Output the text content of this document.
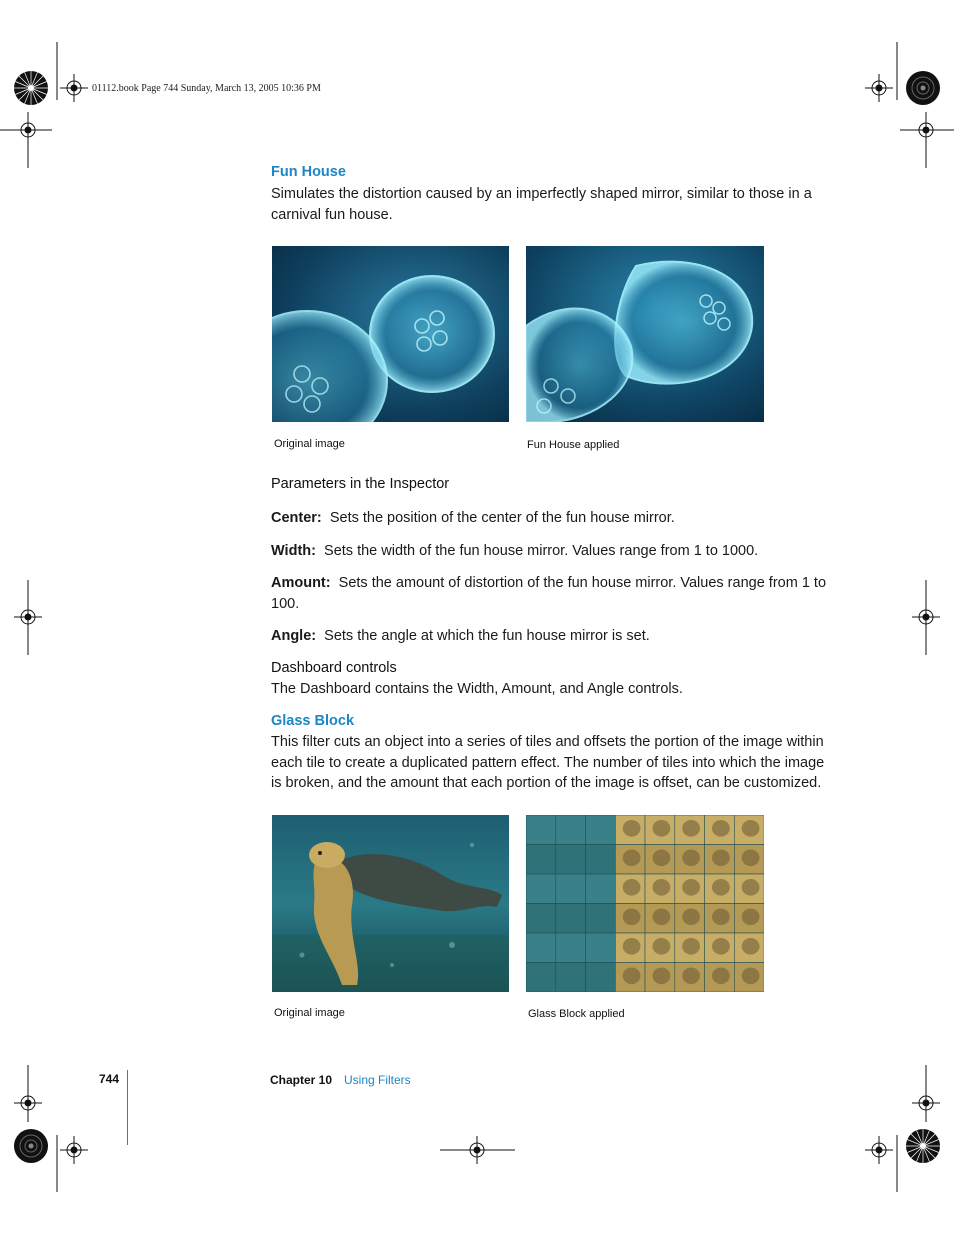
01112.book Page 744 Sunday, March 13, 2005 10:36 PM
Fun House
Simulates the distortion caused by an imperfectly shaped mirror, similar to those in a carnival fun house.
Original image	Fun House applied
Parameters in the Inspector
Center: Sets the position of the center of the fun house mirror.
Width: Sets the width of the fun house mirror. Values range from 1 to 1000.
Amount: Sets the amount of distortion of the fun house mirror. Values range from 1 to 100.
Angle: Sets the angle at which the fun house mirror is set.
Dashboard controls
The Dashboard contains the Width, Amount, and Angle controls.
Glass Block
This filter cuts an object into a series of tiles and offsets the portion of the image within each tile to create a duplicated pattern effect. The number of tiles into which the image is broken, and the amount that each portion of the image is offset, can be customized.
Original image	Glass Block applied
744	Chapter 10 Using Filters
